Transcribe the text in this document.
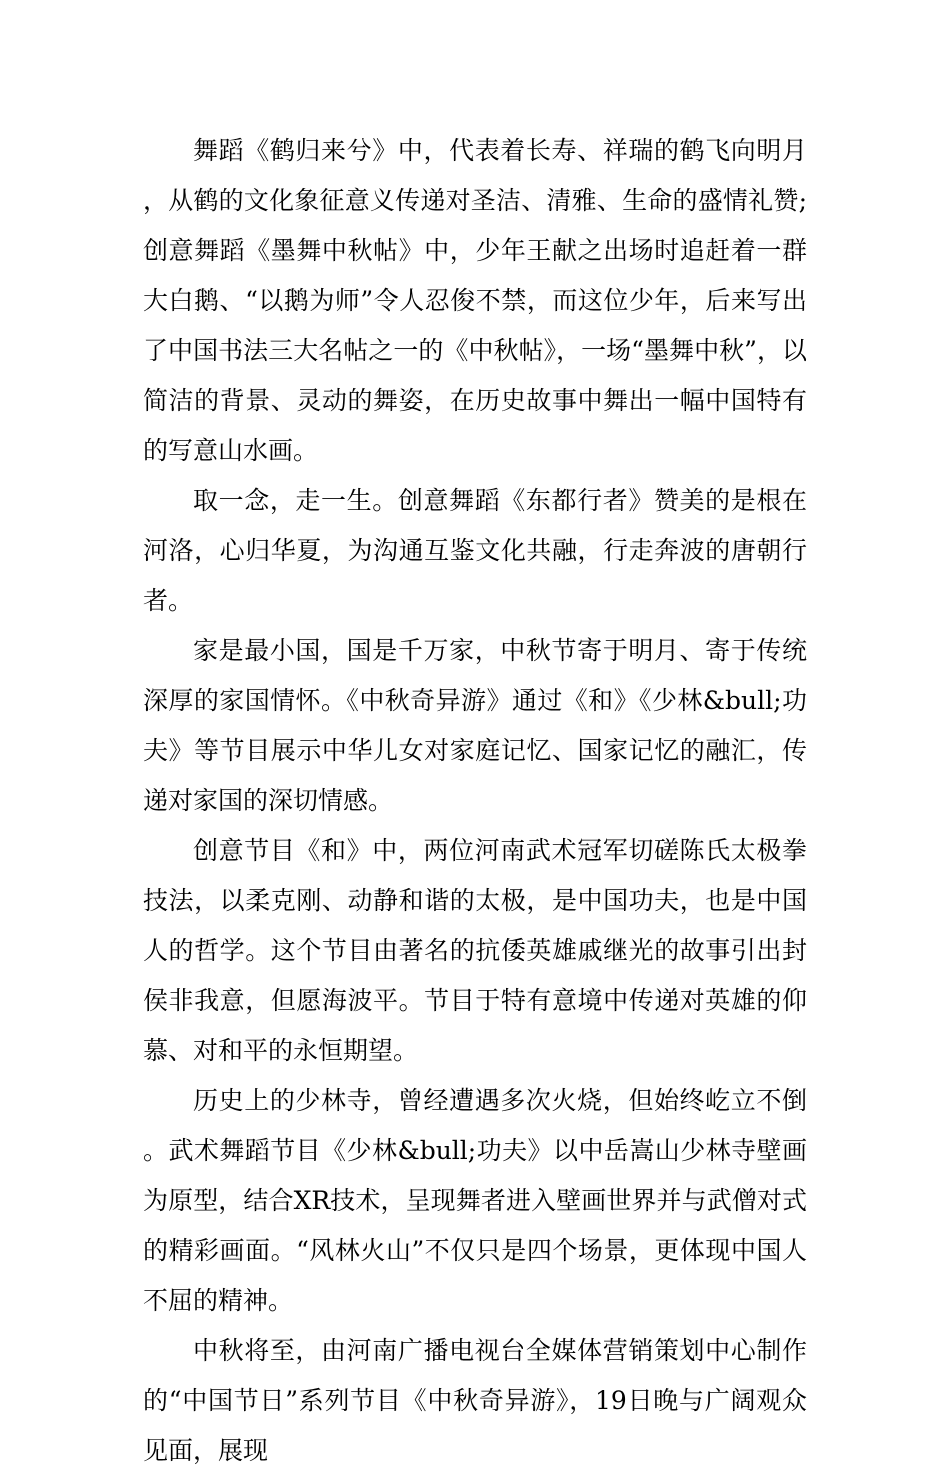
舞蹈《鹤归来兮》中，代表着长寿、祥瑞的鹤飞向明月，从鹤的文化象征意义传递对圣洁、清雅、生命的盛情礼赞;创意舞蹈《墨舞中秋帖》中，少年王献之出场时追赶着一群大白鹅、“以鹅为师”令人忍俊不禁，而这位少年，后来写出了中国书法三大名帖之一的《中秋帖》，一场“墨舞中秋”，以简洁的背景、灵动的舞姿，在历史故事中舞出一幅中国特有的写意山水画。

取一念，走一生。创意舞蹈《东都行者》赞美的是根在河洛，心归华夏，为沟通互鉴文化共融，行走奔波的唐朝行者。

家是最小国，国是千万家，中秋节寄于明月、寄于传统深厚的家国情怀。《中秋奇异游》通过《和》《少林&bull;功夫》等节目展示中华儿女对家庭记忆、国家记忆的融汇，传递对家国的深切情感。

创意节目《和》中，两位河南武术冠军切磋陈氏太极拳技法，以柔克刚、动静和谐的太极，是中国功夫，也是中国人的哲学。这个节目由著名的抗倭英雄戚继光的故事引出封侯非我意，但愿海波平。节目于特有意境中传递对英雄的仰慕、对和平的永恒期望。

历史上的少林寺，曾经遭遇多次火烧，但始终屹立不倒。武术舞蹈节目《少林&bull;功夫》以中岳嵩山少林寺壁画为原型，结合XR技术，呈现舞者进入壁画世界并与武僧对式的精彩画面。“风林火山”不仅只是四个场景，更体现中国人不屈的精神。

中秋将至，由河南广播电视台全媒体营销策划中心制作的“中国节日”系列节目《中秋奇异游》，19日晚与广阔观众见面，展现
